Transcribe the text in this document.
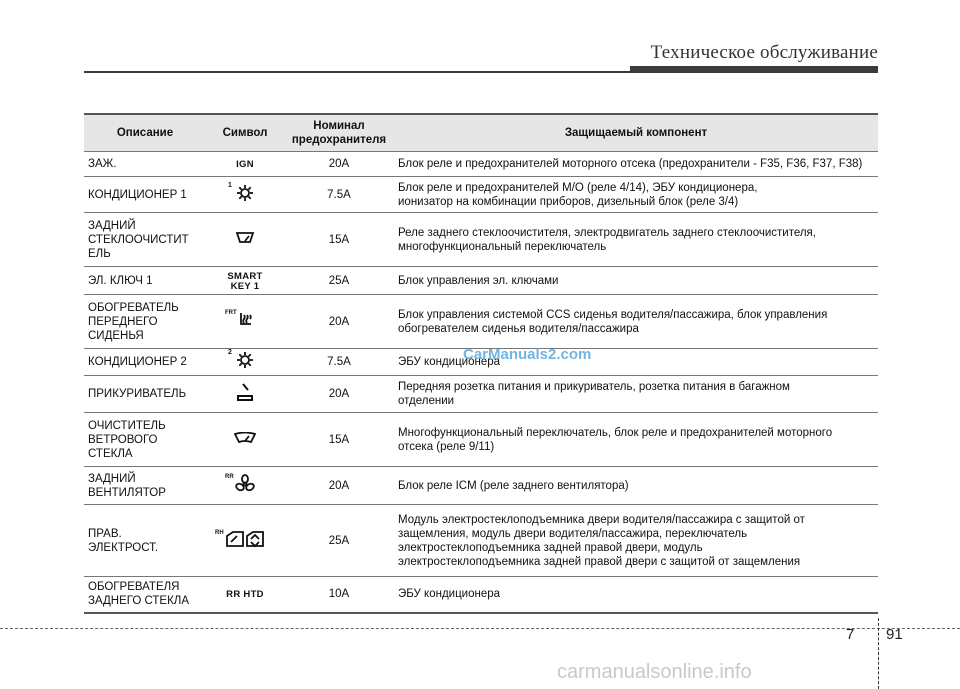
Техническое обслуживание
Описание	Символ	Номинал
предохранителя	Защищаемый компонент
ЗАЖ.	IGN	20A	Блок реле и предохранителей моторного отсека (предохранители - F35, F36, F37, F38)
КОНДИЦИОНЕР 1	1	7.5A	Блок реле и предохранителей M/O (реле 4/14), ЭБУ кондиционера,
ионизатор на комбинации приборов, дизельный блок (реле 3/4)
ЗАДНИЙ
СТЕКЛООЧИСТИТ
ЕЛЬ		15A	Реле заднего стеклоочистителя, электродвигатель заднего стеклоочистителя,
многофункциональный переключатель
ЭЛ. КЛЮЧ 1	SMART
KEY 1	25A	Блок управления эл. ключами
ОБОГРЕВАТЕЛЬ
ПЕРЕДНЕГО
СИДЕНЬЯ	FRT	20A	Блок управления системой CCS сиденья водителя/пассажира, блок управления
обогревателем сиденья водителя/пассажира
КОНДИЦИОНЕР 2	2	7.5A	ЭБУ кондиционера
ПРИКУРИВАТЕЛЬ		20A	Передняя розетка питания и прикуриватель, розетка питания в багажном
отделении
ОЧИСТИТЕЛЬ
ВЕТРОВОГО
СТЕКЛА		15A	Многофункциональный переключатель, блок реле и предохранителей моторного
отсека (реле 9/11)
ЗАДНИЙ
ВЕНТИЛЯТОР	RR	20A	Блок реле ICM (реле заднего вентилятора)
ПРАВ.
ЭЛЕКТРОСТ.	RH	25A	Модуль электростеклоподъемника двери водителя/пассажира с защитой от
защемления, модуль двери водителя/пассажира, переключатель
электростеклоподъемника задней правой двери, модуль
электростеклоподъемника задней правой двери с защитой от защемления
ОБОГРЕВАТЕЛЯ
ЗАДНЕГО СТЕКЛА	RR HTD	10A	ЭБУ кондиционера
CarManuals2.com
7 91
carmanualsonline.info
